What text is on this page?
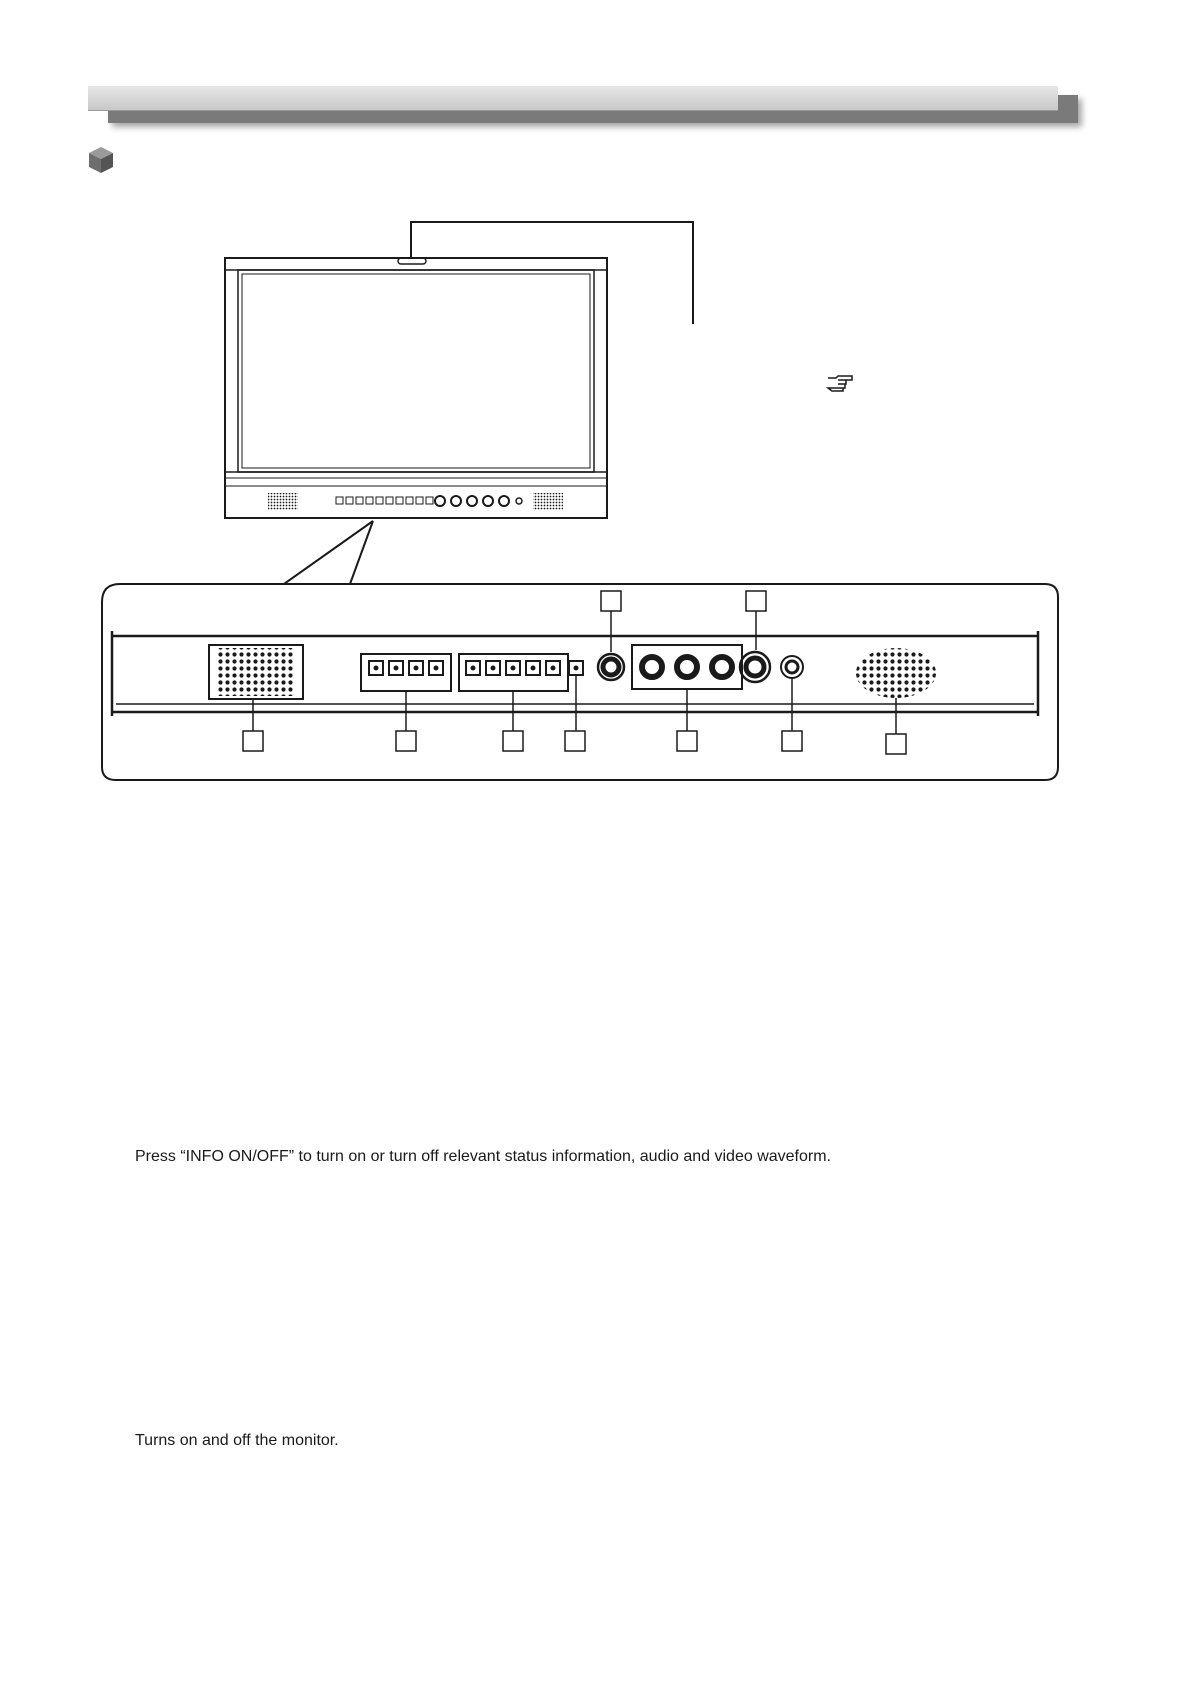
Press “INFO ON/OFF” to turn on or turn off relevant status information, audio and video waveform.
Turns on and off the monitor.
